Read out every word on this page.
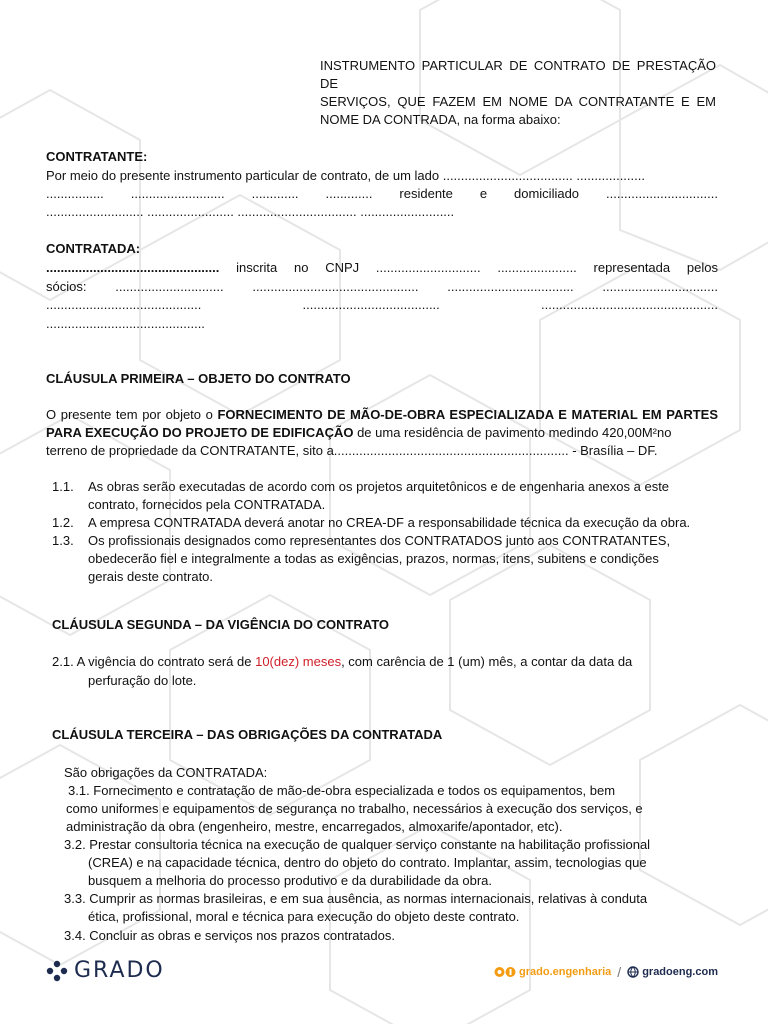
INSTRUMENTO PARTICULAR DE CONTRATO DE PRESTAÇÃO DE
SERVIÇOS, QUE FAZEM EM NOME DA CONTRATANTE E EM
NOME DA CONTRADA, na forma abaixo:
CONTRATANTE:
Por meio do presente instrumento particular de contrato, de um lado .................................... ...................
................ .......................... ............. ............. residente e domiciliado ...............................
........................... ........................ ................................. ..........................
CONTRATADA:
................................................ inscrita no CNPJ ............................. ...................... representada pelos
sócios: .............................. .............................................. ................................... ................................
...........................................	......................................	.................................................
............................................
CLÁUSULA PRIMEIRA – OBJETO DO CONTRATO
O presente tem por objeto o FORNECIMENTO DE MÃO-DE-OBRA ESPECIALIZADA E MATERIAL EM PARTES
PARA EXECUÇÃO DO PROJETO DE EDIFICAÇÃO de uma residência de pavimento medindo 420,00M²no
terreno de propriedade da CONTRATANTE, sito a................................................................. - Brasília – DF.
1.1. As obras serão executadas de acordo com os projetos arquitetônicos e de engenharia anexos a este
contrato, fornecidos pela CONTRATADA.
1.2. A empresa CONTRATADA deverá anotar no CREA-DF a responsabilidade técnica da execução da obra.
1.3. Os profissionais designados como representantes dos CONTRATADOS junto aos CONTRATANTES,
obedecerão fiel e integralmente a todas as exigências, prazos, normas, itens, subitens e condições
gerais deste contrato.
CLÁUSULA SEGUNDA – DA VIGÊNCIA DO CONTRATO
2.1. A vigência do contrato será de 10(dez) meses, com carência de 1 (um) mês, a contar da data da
perfuração do lote.
CLÁUSULA TERCEIRA – DAS OBRIGAÇÕES DA CONTRATADA
São obrigações da CONTRATADA:
3.1. Fornecimento e contratação de mão-de-obra especializada e todos os equipamentos, bem
como uniformes e equipamentos de segurança no trabalho, necessários à execução dos serviços, e
administração da obra (engenheiro, mestre, encarregados, almoxarife/apontador, etc).
3.2. Prestar consultoria técnica na execução de qualquer serviço constante na habilitação profissional
(CREA) e na capacidade técnica, dentro do objeto do contrato. Implantar, assim, tecnologias que
busquem a melhoria do processo produtivo e da durabilidade da obra.
3.3. Cumprir as normas brasileiras, e em sua ausência, as normas internacionais, relativas à conduta
ética, profissional, moral e técnica para execução do objeto deste contrato.
3.4. Concluir as obras e serviços nos prazos contratados.
GRADO	grado.engenharia / gradoeng.com
